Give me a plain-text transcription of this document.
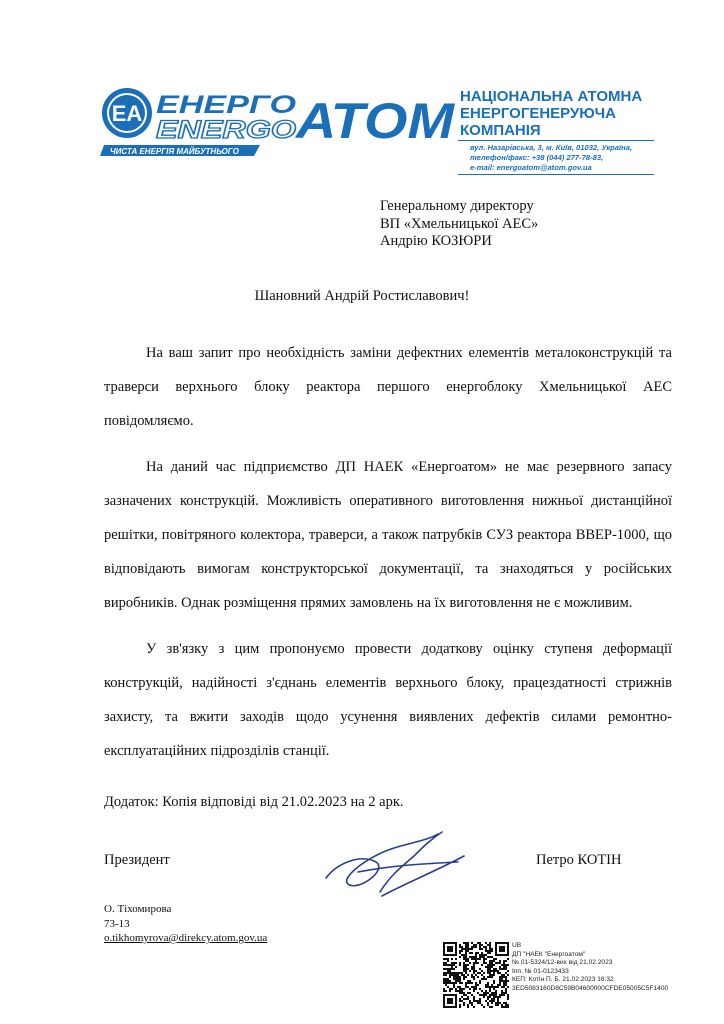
ЕА ЕНЕРГО
ENERGO
АТОМ
ЧИСТА ЕНЕРГІЯ МАЙБУТНЬОГО
НАЦІОНАЛЬНА АТОМНА
ЕНЕРГОГЕНЕРУЮЧА
КОМПАНІЯ
вул. Назарівська, 3, м. Київ, 01032, Україна,
телефон/факс: +38 (044) 277-78-83,
e-mail: energoatom@atom.gov.ua
Генеральному директору
ВП «Хмельницької АЕС»
Андрію КОЗЮРИ
Шановний Андрій Ростиславович!

На ваш запит про необхідність заміни дефектних елементів металоконструкцій та траверси верхнього блоку реактора першого енергоблоку Хмельницької АЕС повідомляємо.

На даний час підприємство ДП НАЕК «Енергоатом» не має резервного запасу зазначених конструкцій. Можливість оперативного виготовлення нижньої дистанційної решітки, повітряного колектора, траверси, а також патрубків СУЗ реактора ВВЕР-1000, що відповідають вимогам конструкторської документації, та знаходяться у російських виробників. Однак розміщення прямих замовлень на їх виготовлення не є можливим.

У зв'язку з цим пропонуємо провести додаткову оцінку ступеня деформації конструкцій, надійності з'єднань елементів верхнього блоку, працездатності стрижнів захисту, та вжити заходів щодо усунення виявлених дефектів силами ремонтно-експлуатаційних підрозділів станції.

Додаток: Копія відповіді від 21.02.2023 на 2 арк.
Президент	Петро КОТІН
О. Тіхомирова
73-13
o.tikhomyrova@direkcy.atom.gov.ua
UB
ДП "НАЕК "Енергоатом"
№ 01-5324/12-вих від 21.02.2023
Іпп. № 01-0123433
КЕП: Котін П. Б. 21.02.2023 16:32
3ED5083160D8C59B04600000CFDE05005C5F1400
